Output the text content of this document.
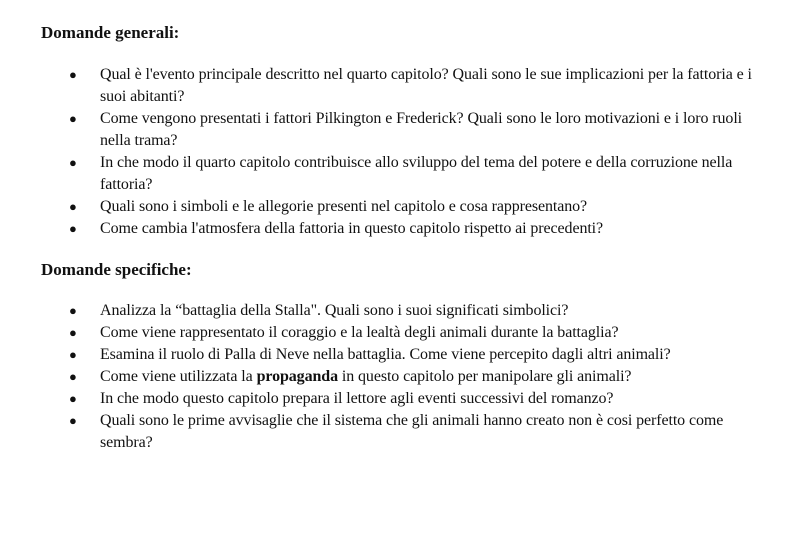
Domande generali:
● Qual è l'evento principale descritto nel quarto capitolo? Quali sono le sue implicazioni per la fattoria e i suoi abitanti?
● Come vengono presentati i fattori Pilkington e Frederick? Quali sono le loro motivazioni e i loro ruoli nella trama?
● In che modo il quarto capitolo contribuisce allo sviluppo del tema del potere e della corruzione nella fattoria?
● Quali sono i simboli e le allegorie presenti nel capitolo e cosa rappresentano?
● Come cambia l'atmosfera della fattoria in questo capitolo rispetto ai precedenti?
Domande specifiche:
● Analizza la “battaglia della Stalla". Quali sono i suoi significati simbolici?
● Come viene rappresentato il coraggio e la lealtà degli animali durante la battaglia?
● Esamina il ruolo di Palla di Neve nella battaglia. Come viene percepito dagli altri animali?
● Come viene utilizzata la propaganda in questo capitolo per manipolare gli animali?
● In che modo questo capitolo prepara il lettore agli eventi successivi del romanzo?
● Quali sono le prime avvisaglie che il sistema che gli animali hanno creato non è cosi perfetto come sembra?
